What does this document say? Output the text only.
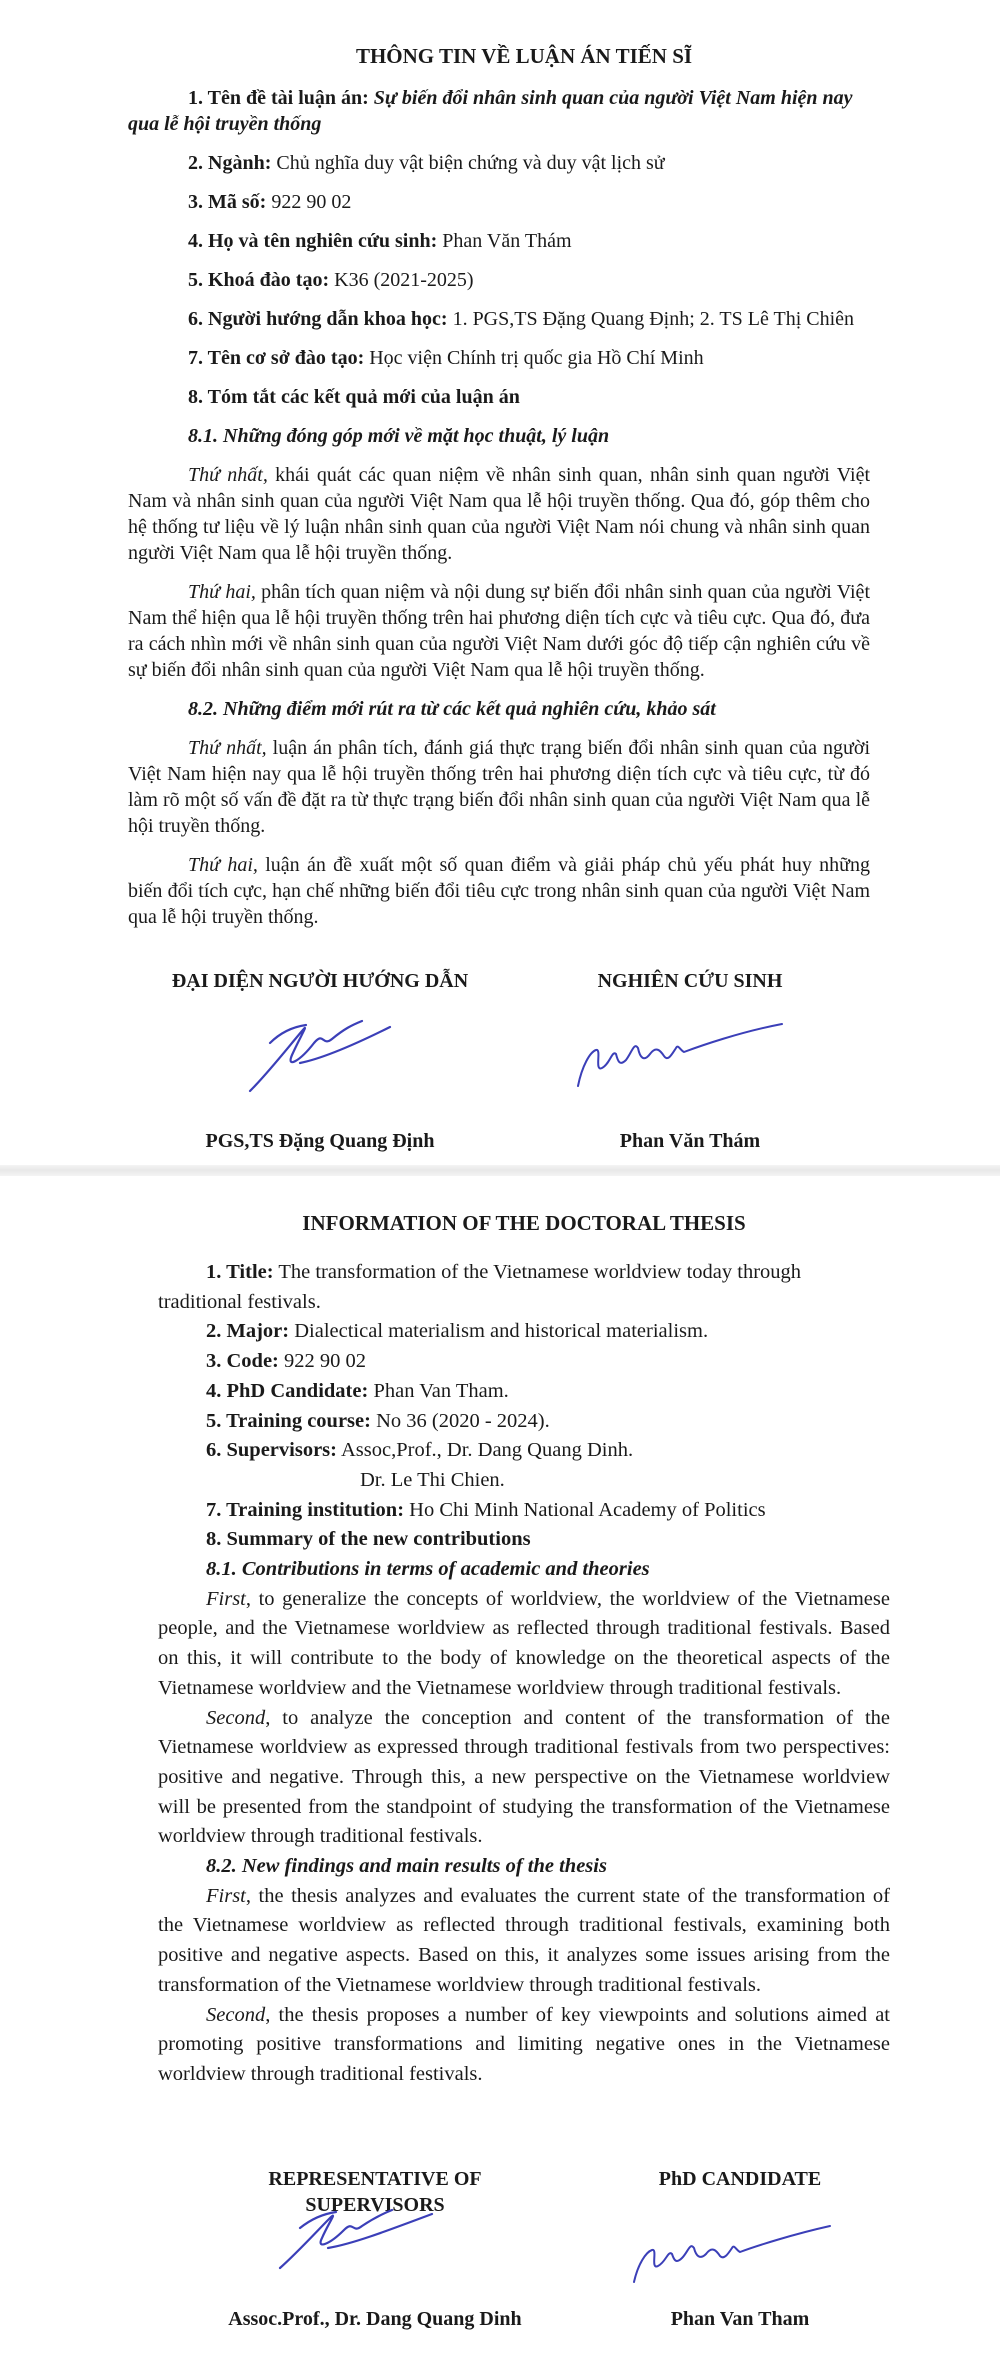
THÔNG TIN VỀ LUẬN ÁN TIẾN SĨ

1. Tên đề tài luận án: Sự biến đổi nhân sinh quan của người Việt Nam hiện nay qua lễ hội truyền thống

2. Ngành: Chủ nghĩa duy vật biện chứng và duy vật lịch sử

3. Mã số: 922 90 02

4. Họ và tên nghiên cứu sinh: Phan Văn Thám

5. Khoá đào tạo: K36 (2021-2025)

6. Người hướng dẫn khoa học: 1. PGS,TS Đặng Quang Định; 2. TS Lê Thị Chiên

7. Tên cơ sở đào tạo: Học viện Chính trị quốc gia Hồ Chí Minh

8. Tóm tắt các kết quả mới của luận án

8.1. Những đóng góp mới về mặt học thuật, lý luận

Thứ nhất, khái quát các quan niệm về nhân sinh quan, nhân sinh quan người Việt Nam và nhân sinh quan của người Việt Nam qua lễ hội truyền thống. Qua đó, góp thêm cho hệ thống tư liệu về lý luận nhân sinh quan của người Việt Nam nói chung và nhân sinh quan người Việt Nam qua lễ hội truyền thống.

Thứ hai, phân tích quan niệm và nội dung sự biến đổi nhân sinh quan của người Việt Nam thể hiện qua lễ hội truyền thống trên hai phương diện tích cực và tiêu cực. Qua đó, đưa ra cách nhìn mới về nhân sinh quan của người Việt Nam dưới góc độ tiếp cận nghiên cứu về sự biến đổi nhân sinh quan của người Việt Nam qua lễ hội truyền thống.

8.2. Những điểm mới rút ra từ các kết quả nghiên cứu, khảo sát

Thứ nhất, luận án phân tích, đánh giá thực trạng biến đổi nhân sinh quan của người Việt Nam hiện nay qua lễ hội truyền thống trên hai phương diện tích cực và tiêu cực, từ đó làm rõ một số vấn đề đặt ra từ thực trạng biến đổi nhân sinh quan của người Việt Nam qua lễ hội truyền thống.

Thứ hai, luận án đề xuất một số quan điểm và giải pháp chủ yếu phát huy những biến đổi tích cực, hạn chế những biến đổi tiêu cực trong nhân sinh quan của người Việt Nam qua lễ hội truyền thống.

ĐẠI DIỆN NGƯỜI HƯỚNG DẪN
PGS,TS Đặng Quang Định
NGHIÊN CỨU SINH
Phan Văn Thám

INFORMATION OF THE DOCTORAL THESIS

1. Title: The transformation of the Vietnamese worldview today through traditional festivals.

2. Major: Dialectical materialism and historical materialism.

3. Code: 922 90 02

4. PhD Candidate: Phan Van Tham.

5. Training course: No 36 (2020 - 2024).

6. Supervisors: Assoc,Prof., Dr. Dang Quang Dinh.

Dr. Le Thi Chien.

7. Training institution: Ho Chi Minh National Academy of Politics

8. Summary of the new contributions

8.1. Contributions in terms of academic and theories

First, to generalize the concepts of worldview, the worldview of the Vietnamese people, and the Vietnamese worldview as reflected through traditional festivals. Based on this, it will contribute to the body of knowledge on the theoretical aspects of the Vietnamese worldview and the Vietnamese worldview through traditional festivals.

Second, to analyze the conception and content of the transformation of the Vietnamese worldview as expressed through traditional festivals from two perspectives: positive and negative. Through this, a new perspective on the Vietnamese worldview will be presented from the standpoint of studying the transformation of the Vietnamese worldview through traditional festivals.

8.2. New findings and main results of the thesis

First, the thesis analyzes and evaluates the current state of the transformation of the Vietnamese worldview as reflected through traditional festivals, examining both positive and negative aspects. Based on this, it analyzes some issues arising from the transformation of the Vietnamese worldview through traditional festivals.

Second, the thesis proposes a number of key viewpoints and solutions aimed at promoting positive transformations and limiting negative ones in the Vietnamese worldview through traditional festivals.

REPRESENTATIVE OF
SUPERVISORS
Assoc.Prof., Dr. Dang Quang Dinh
PhD CANDIDATE
Phan Van Tham
